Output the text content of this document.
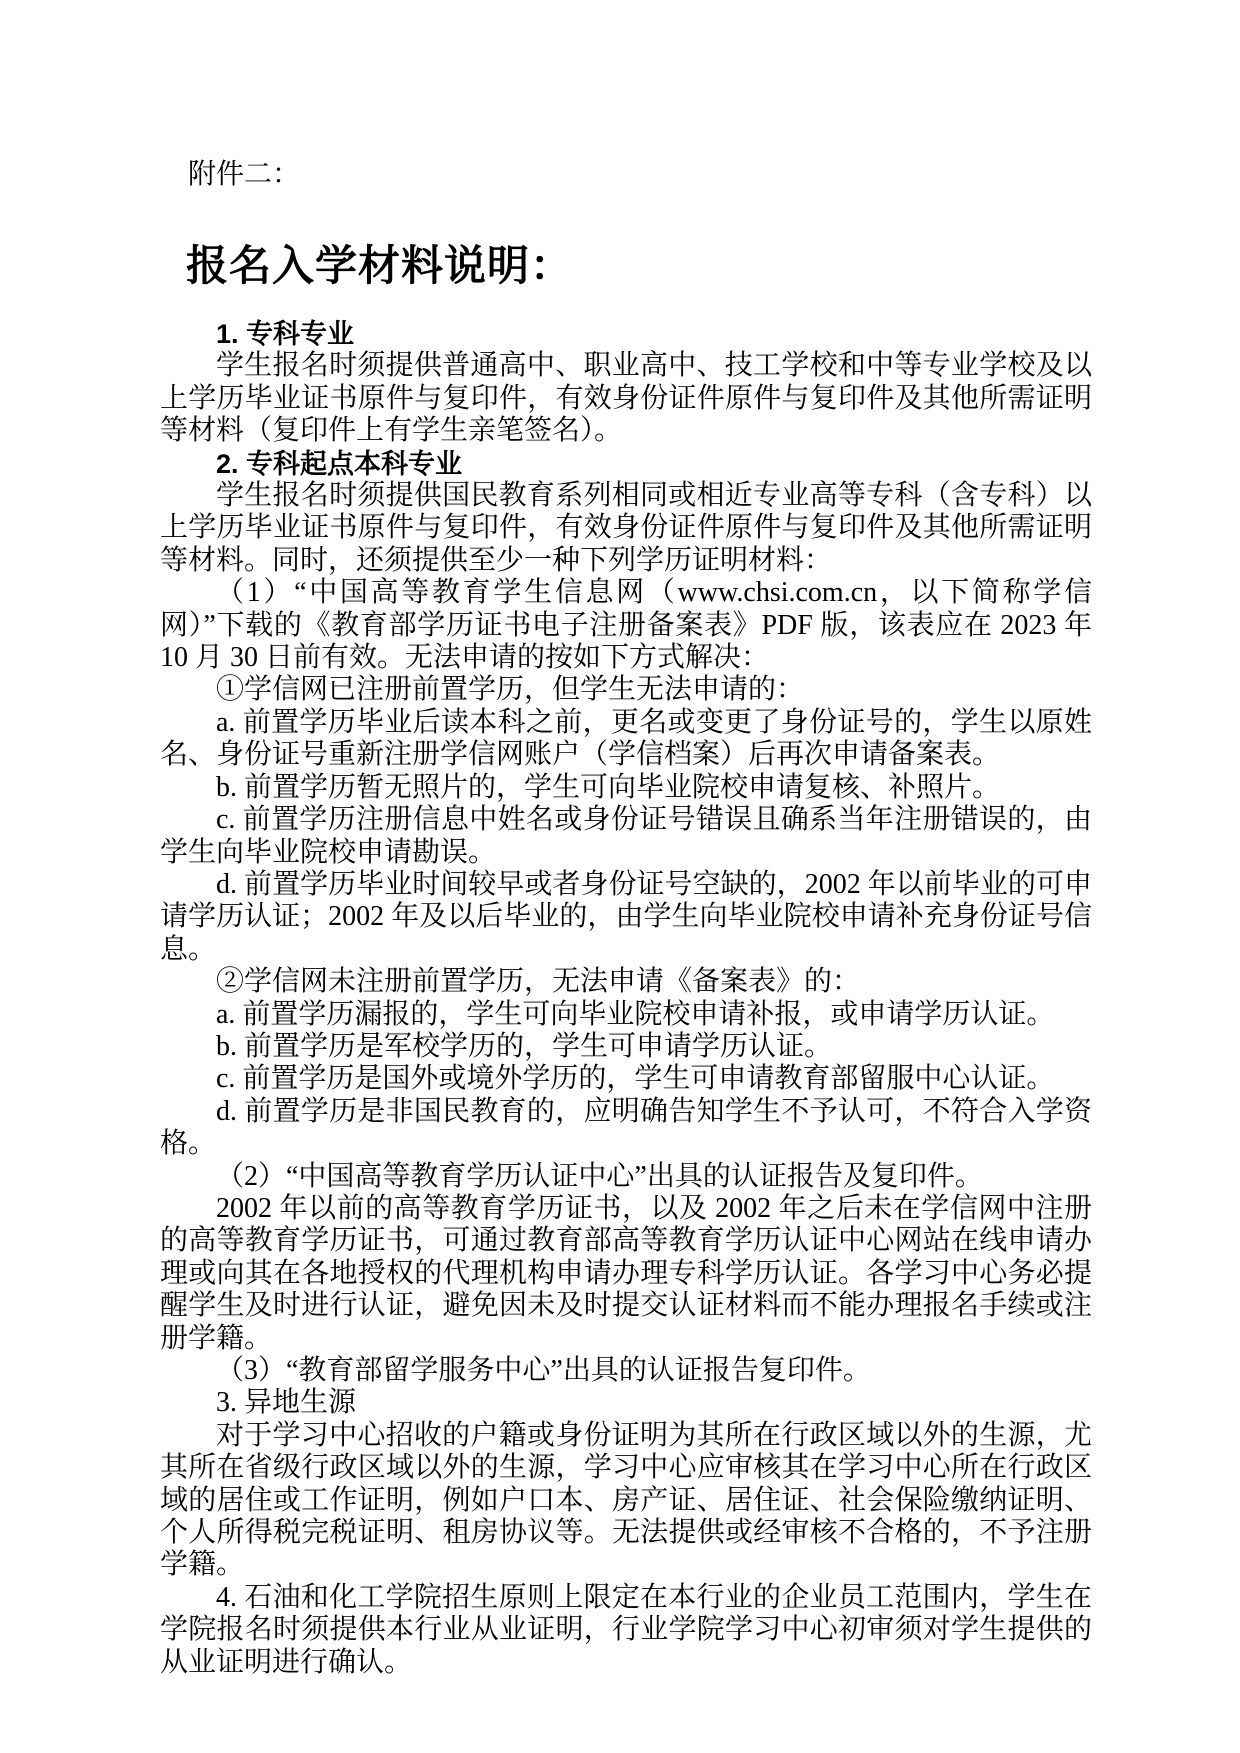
附件二：

报名入学材料说明：

1. 专科专业

学生报名时须提供普通高中、职业高中、技工学校和中等专业学校及以上学历毕业证书原件与复印件，有效身份证件原件与复印件及其他所需证明等材料（复印件上有学生亲笔签名）。

2. 专科起点本科专业

学生报名时须提供国民教育系列相同或相近专业高等专科（含专科）以上学历毕业证书原件与复印件，有效身份证件原件与复印件及其他所需证明等材料。同时，还须提供至少一种下列学历证明材料：

（1）“中国高等教育学生信息网（www.chsi.com.cn，以下简称学信网）”下载的《教育部学历证书电子注册备案表》PDF 版，该表应在 2023 年 10 月 30 日前有效。无法申请的按如下方式解决：

①学信网已注册前置学历，但学生无法申请的：

a. 前置学历毕业后读本科之前，更名或变更了身份证号的，学生以原姓名、身份证号重新注册学信网账户（学信档案）后再次申请备案表。

b. 前置学历暂无照片的，学生可向毕业院校申请复核、补照片。

c. 前置学历注册信息中姓名或身份证号错误且确系当年注册错误的，由学生向毕业院校申请勘误。

d. 前置学历毕业时间较早或者身份证号空缺的，2002 年以前毕业的可申请学历认证；2002 年及以后毕业的，由学生向毕业院校申请补充身份证号信息。

②学信网未注册前置学历，无法申请《备案表》的：

a. 前置学历漏报的，学生可向毕业院校申请补报，或申请学历认证。

b. 前置学历是军校学历的，学生可申请学历认证。

c. 前置学历是国外或境外学历的，学生可申请教育部留服中心认证。

d. 前置学历是非国民教育的，应明确告知学生不予认可，不符合入学资格。

（2）“中国高等教育学历认证中心”出具的认证报告及复印件。

2002 年以前的高等教育学历证书，以及 2002 年之后未在学信网中注册的高等教育学历证书，可通过教育部高等教育学历认证中心网站在线申请办理或向其在各地授权的代理机构申请办理专科学历认证。各学习中心务必提醒学生及时进行认证，避免因未及时提交认证材料而不能办理报名手续或注册学籍。

（3）“教育部留学服务中心”出具的认证报告复印件。

3. 异地生源

对于学习中心招收的户籍或身份证明为其所在行政区域以外的生源，尤其所在省级行政区域以外的生源，学习中心应审核其在学习中心所在行政区域的居住或工作证明，例如户口本、房产证、居住证、社会保险缴纳证明、个人所得税完税证明、租房协议等。无法提供或经审核不合格的，不予注册学籍。

4. 石油和化工学院招生原则上限定在本行业的企业员工范围内，学生在学院报名时须提供本行业从业证明，行业学院学习中心初审须对学生提供的从业证明进行确认。
